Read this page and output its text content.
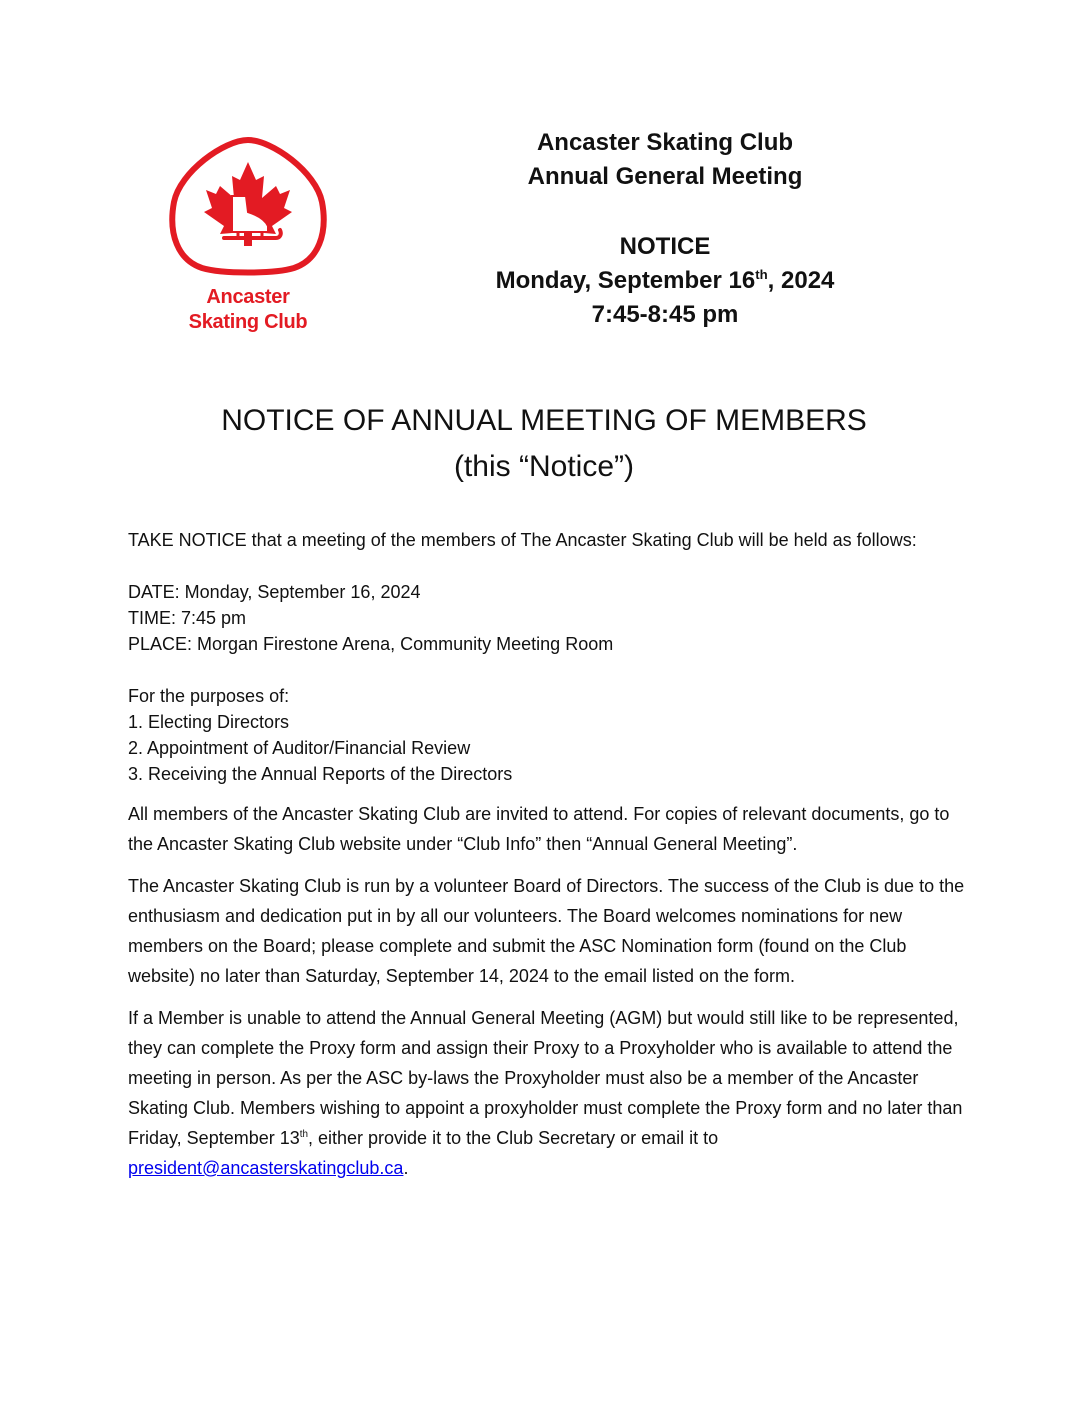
Ancaster
Skating Club
Ancaster Skating Club
Annual General Meeting
NOTICE
Monday, September 16th, 2024
7:45-8:45 pm
NOTICE OF ANNUAL MEETING OF MEMBERS
(this “Notice”)

TAKE NOTICE that a meeting of the members of The Ancaster Skating Club will be held as follows:

DATE: Monday, September 16, 2024
TIME: 7:45 pm
PLACE: Morgan Firestone Arena, Community Meeting Room
For the purposes of:
1. Electing Directors
2. Appointment of Auditor/Financial Review
3. Receiving the Annual Reports of the Directors

All members of the Ancaster Skating Club are invited to attend. For copies of relevant documents, go to the Ancaster Skating Club website under “Club Info” then “Annual General Meeting”.

The Ancaster Skating Club is run by a volunteer Board of Directors. The success of the Club is due to the enthusiasm and dedication put in by all our volunteers. The Board welcomes nominations for new members on the Board; please complete and submit the ASC Nomination form (found on the Club website) no later than Saturday, September 14, 2024 to the email listed on the form.

If a Member is unable to attend the Annual General Meeting (AGM) but would still like to be represented, they can complete the Proxy form and assign their Proxy to a Proxyholder who is available to attend the meeting in person. As per the ASC by-laws the Proxyholder must also be a member of the Ancaster Skating Club. Members wishing to appoint a proxyholder must complete the Proxy form and no later than Friday, September 13th, either provide it to the Club Secretary or email it to president@ancasterskatingclub.ca.
